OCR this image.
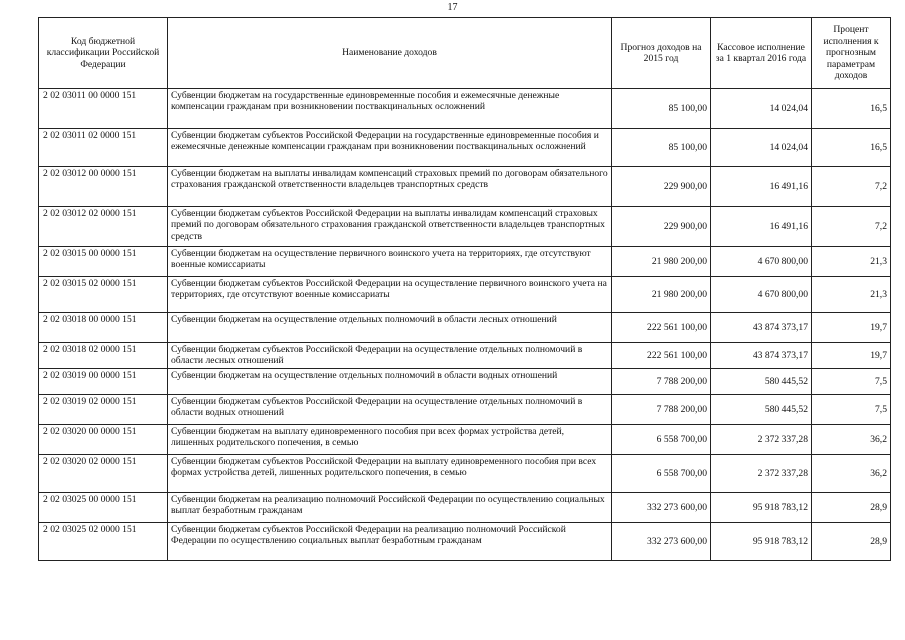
17
Код бюджетной классификации Российской Федерации	Наименование доходов	Прогноз доходов на 2015 год	Кассовое исполнение за 1 квартал 2016 года	Процент исполнения к прогнозным параметрам доходов
2 02 03011 00 0000 151	Субвенции бюджетам на государственные единовременные пособия и ежемесячные денежные компенсации гражданам при возникновении поствакцинальных осложнений	85 100,00	14 024,04	16,5
2 02 03011 02 0000 151	Субвенции бюджетам субъектов Российской Федерации на государственные единовременные пособия и ежемесячные денежные компенсации гражданам при возникновении поствакцинальных осложнений	85 100,00	14 024,04	16,5
2 02 03012 00 0000 151	Субвенции бюджетам на выплаты инвалидам компенсаций страховых премий по договорам обязательного страхования гражданской ответственности владельцев транспортных средств	229 900,00	16 491,16	7,2
2 02 03012 02 0000 151	Субвенции бюджетам субъектов Российской Федерации на выплаты инвалидам компенсаций страховых премий по договорам обязательного страхования гражданской ответственности владельцев транспортных средств	229 900,00	16 491,16	7,2
2 02 03015 00 0000 151	Субвенции бюджетам на осуществление первичного воинского учета на территориях, где отсутствуют военные комиссариаты	21 980 200,00	4 670 800,00	21,3
2 02 03015 02 0000 151	Субвенции бюджетам субъектов Российской Федерации на осуществление первичного воинского учета на территориях, где отсутствуют военные комиссариаты	21 980 200,00	4 670 800,00	21,3
2 02 03018 00 0000 151	Субвенции бюджетам на осуществление отдельных полномочий в области лесных отношений	222 561 100,00	43 874 373,17	19,7
2 02 03018 02 0000 151	Субвенции бюджетам субъектов Российской Федерации на осуществление отдельных полномочий в области лесных отношений	222 561 100,00	43 874 373,17	19,7
2 02 03019 00 0000 151	Субвенции бюджетам на осуществление отдельных полномочий в области водных отношений	7 788 200,00	580 445,52	7,5
2 02 03019 02 0000 151	Субвенции бюджетам субъектов Российской Федерации на осуществление отдельных полномочий в области водных отношений	7 788 200,00	580 445,52	7,5
2 02 03020 00 0000 151	Субвенции бюджетам на выплату единовременного пособия при всех формах устройства детей, лишенных родительского попечения, в семью	6 558 700,00	2 372 337,28	36,2
2 02 03020 02 0000 151	Субвенции бюджетам субъектов Российской Федерации на выплату единовременного пособия при всех формах устройства детей, лишенных родительского попечения, в семью	6 558 700,00	2 372 337,28	36,2
2 02 03025 00 0000 151	Субвенции бюджетам на реализацию полномочий Российской Федерации по осуществлению социальных выплат безработным гражданам	332 273 600,00	95 918 783,12	28,9
2 02 03025 02 0000 151	Субвенции бюджетам субъектов Российской Федерации на реализацию полномочий Российской Федерации по осуществлению социальных выплат безработным гражданам	332 273 600,00	95 918 783,12	28,9
